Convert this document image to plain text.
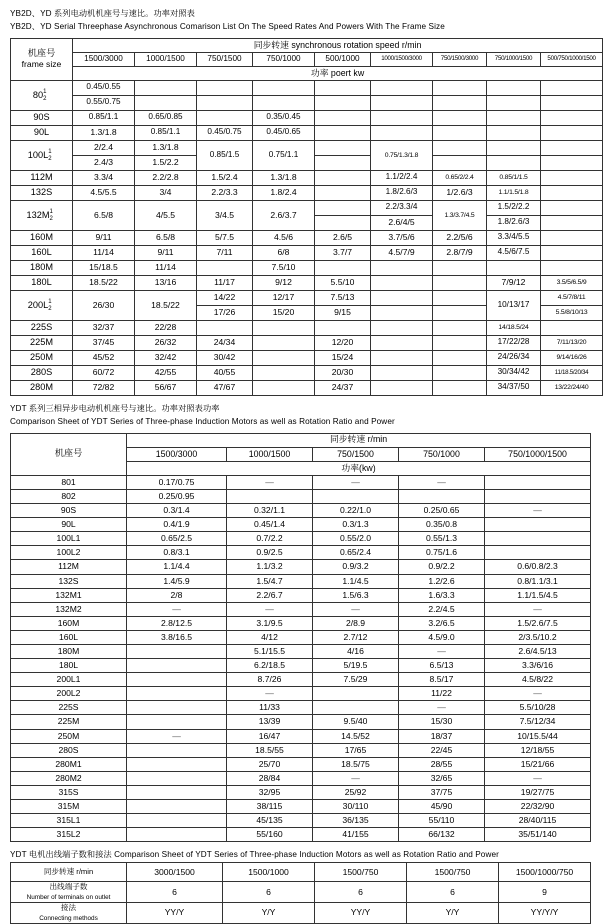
YB2D、YD 系列电动机机座号与速比。功率对照表
YB2D、YD Serial Threephase Asynchronous Comarison List On The Speed Rates And Powers With The Frame Size
机座号
frame size	同步转速 synchronous rotation speed r/min								
	1500/3000	1000/1500	750/1500	750/1000	500/1000	1000/1500/3000	750/1500/3000	750/1000/1500	500/750/1000/1500
	功率 poert kw								
80 1
2	0.45/0.55								
	0.55/0.75								
90S	0.85/1.1	0.65/0.85		0.35/0.45					
90L	1.3/1.8	0.85/1.1	0.45/0.75	0.45/0.65					
100L 1
2	2/2.4	1.3/1.8	0.85/1.5	0.75/1.1		0.75/1.3/1.8			
	2.4/3	1.5/2.2							
112M	3.3/4	2.2/2.8	1.5/2.4	1.3/1.8		1.1/2/2.4	0.65/2/2.4	0.85/1/1.5	
132S	4.5/5.5	3/4	2.2/3.3	1.8/2.4		1.8/2.6/3	1/2.6/3	1.1/1.5/1.8	
132M 1
2	6.5/8	4/5.5	3/4.5	2.6/3.7		2.2/3.3/4	1.3/3.7/4.5	1.5/2/2.2	
						2.6/4/5		1.8/2.6/3	
160M	9/11	6.5/8	5/7.5	4.5/6	2.6/5	3.7/5/6	2.2/5/6	3.3/4/5.5	
160L	11/14	9/11	7/11	6/8	3.7/7	4.5/7/9	2.8/7/9	4.5/6/7.5	
180M	15/18.5	11/14		7.5/10					
180L	18.5/22	13/16	11/17	9/12	5.5/10			7/9/12	3.5/5/6.5/9
200L 1
2	26/30	18.5/22	14/22	12/17	7.5/13			10/13/17	4.5/7/8/11
			17/26	15/20	9/15				5.5/8/10/13
225S	32/37	22/28						14/18.5/24	
225M	37/45	26/32	24/34		12/20			17/22/28	7/11/13/20
250M	45/52	32/42	30/42		15/24			24/26/34	9/14/16/26
280S	60/72	42/55	40/55		20/30			30/34/42	11/18.5/20/34
280M	72/82	56/67	47/67		24/37			34/37/50	13/22/24/40
YDT 系列三相异步电动机机座号与速比。功率对照表功率
Comparison Sheet of YDT Series of Three-phase Induction Motors as well as Rotation Ratio and Power
机座号	同步转速 r/min				
	1500/3000	1000/1500	750/1500	750/1000	750/1000/1500
	功率(kw)				
801	0.17/0.75	—	—	—	
802	0.25/0.95				
90S	0.3/1.4	0.32/1.1	0.22/1.0	0.25/0.65	—
90L	0.4/1.9	0.45/1.4	0.3/1.3	0.35/0.8	
100L1	0.65/2.5	0.7/2.2	0.55/2.0	0.55/1.3	
100L2	0.8/3.1	0.9/2.5	0.65/2.4	0.75/1.6	
112M	1.1/4.4	1.1/3.2	0.9/3.2	0.9/2.2	0.6/0.8/2.3
132S	1.4/5.9	1.5/4.7	1.1/4.5	1.2/2.6	0.8/1.1/3.1
132M1	2/8	2.2/6.7	1.5/6.3	1.6/3.3	1.1/1.5/4.5
132M2	—	—	—	2.2/4.5	—
160M	2.8/12.5	3.1/9.5	2/8.9	3.2/6.5	1.5/2.6/7.5
160L	3.8/16.5	4/12	2.7/12	4.5/9.0	2/3.5/10.2
180M		5.1/15.5	4/16	—	2.6/4.5/13
180L		6.2/18.5	5/19.5	6.5/13	3.3/6/16
200L1		8.7/26	7.5/29	8.5/17	4.5/8/22
200L2		—		11/22	—
225S		11/33		—	5.5/10/28
225M		13/39	9.5/40	15/30	7.5/12/34
250M	—	16/47	14.5/52	18/37	10/15.5/44
280S		18.5/55	17/65	22/45	12/18/55
280M1		25/70	18.5/75	28/55	15/21/66
280M2		28/84	—	32/65	—
315S		32/95	25/92	37/75	19/27/75
315M		38/115	30/110	45/90	22/32/90
315L1		45/135	36/135	55/110	28/40/115
315L2		55/160	41/155	66/132	35/51/140
YDT 电机出线端子数和接法 Comparison Sheet of YDT Series of Three-phase Induction Motors as well as Rotation Ratio and Power
同步转速 r/min	3000/1500	1500/1000	1500/750	1500/750	1500/1000/750
出线端子数
Number of terminals on outlet	6	6	6	6	9
接法
Connecting methods	YY/Y	Y/Y	YY/Y	Y/Y	YY/Y/Y
